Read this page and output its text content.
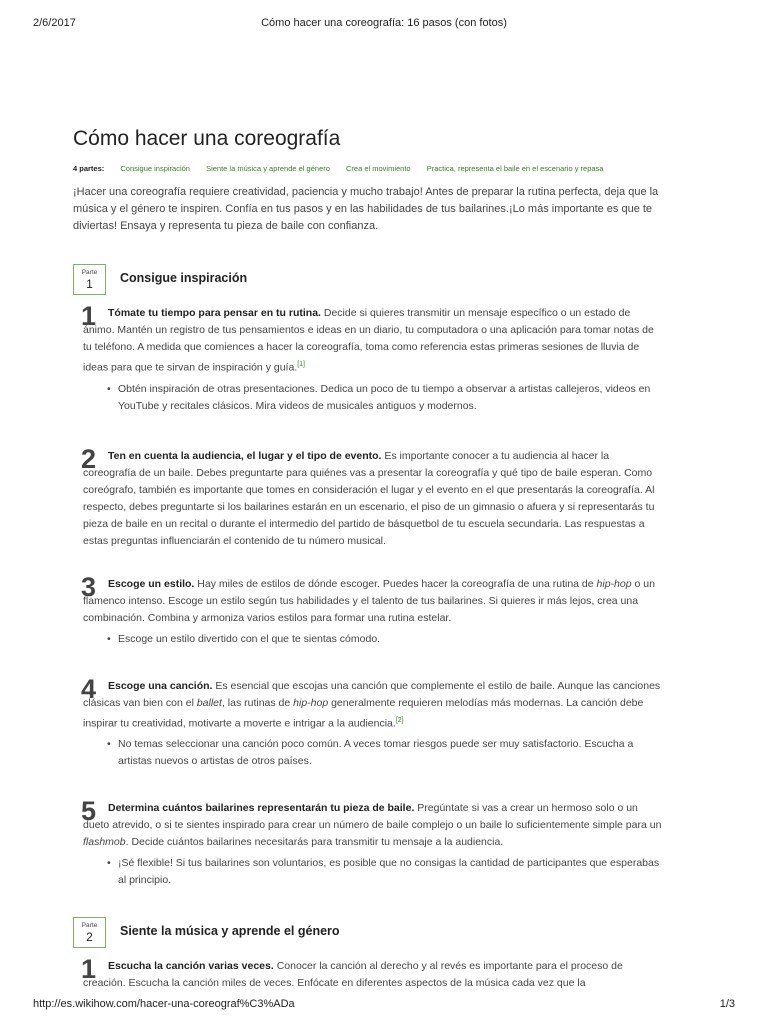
2/6/2017	Cómo hacer una coreografía: 16 pasos (con fotos)
Cómo hacer una coreografía
4 partes: Consigue inspiración Siente la música y aprende el género Crea el movimiento Practica, representa el baile en el escenario y repasa

¡Hacer una coreografía requiere creatividad, paciencia y mucho trabajo! Antes de preparar la rutina perfecta, deja que la música y el género te inspiren. Confía en tus pasos y en las habilidades de tus bailarines.¡Lo más importante es que te diviertas! Ensaya y representa tu pieza de baile con confianza.

Parte
1	Consigue inspiración
1	Tómate tu tiempo para pensar en tu rutina. Decide si quieres transmitir un mensaje específico o un estado de ánimo. Mantén un registro de tus pensamientos e ideas en un diario, tu computadora o una aplicación para tomar notas de tu teléfono. A medida que comiences a hacer la coreografía, toma como referencia estas primeras sesiones de lluvia de ideas para que te sirvan de inspiración y guía.[1]

• Obtén inspiración de otras presentaciones. Dedica un poco de tu tiempo a observar a artistas callejeros, videos en YouTube y recitales clásicos. Mira videos de musicales antiguos y modernos.
2	Ten en cuenta la audiencia, el lugar y el tipo de evento. Es importante conocer a tu audiencia al hacer la coreografía de un baile. Debes preguntarte para quiénes vas a presentar la coreografía y qué tipo de baile esperan. Como coreógrafo, también es importante que tomes en consideración el lugar y el evento en el que presentarás la coreografía. Al respecto, debes preguntarte si los bailarines estarán en un escenario, el piso de un gimnasio o afuera y si representarás tu pieza de baile en un recital o durante el intermedio del partido de básquetbol de tu escuela secundaria. Las respuestas a estas preguntas influenciarán el contenido de tu número musical.

3	Escoge un estilo. Hay miles de estilos de dónde escoger. Puedes hacer la coreografía de una rutina de hip-hop o un flamenco intenso. Escoge un estilo según tus habilidades y el talento de tus bailarines. Si quieres ir más lejos, crea una combinación. Combina y armoniza varios estilos para formar una rutina estelar.

• Escoge un estilo divertido con el que te sientas cómodo.
4	Escoge una canción. Es esencial que escojas una canción que complemente el estilo de baile. Aunque las canciones clásicas van bien con el ballet, las rutinas de hip-hop generalmente requieren melodías más modernas. La canción debe inspirar tu creatividad, motivarte a moverte e intrigar a la audiencia.[2]

• No temas seleccionar una canción poco común. A veces tomar riesgos puede ser muy satisfactorio. Escucha a artistas nuevos o artistas de otros países.
5	Determina cuántos bailarines representarán tu pieza de baile. Pregúntate si vas a crear un hermoso solo o un dueto atrevido, o si te sientes inspirado para crear un número de baile complejo o un baile lo suficientemente simple para un flashmob. Decide cuántos bailarines necesitarás para transmitir tu mensaje a la audiencia.

• ¡Sé flexible! Si tus bailarines son voluntarios, es posible que no consigas la cantidad de participantes que esperabas al principio.
Parte
2	Siente la música y aprende el género
1	Escucha la canción varias veces. Conocer la canción al derecho y al revés es importante para el proceso de creación. Escucha la canción miles de veces. Enfócate en diferentes aspectos de la música cada vez que la

http://es.wikihow.com/hacer-una-coreograf%C3%ADa	1/3
